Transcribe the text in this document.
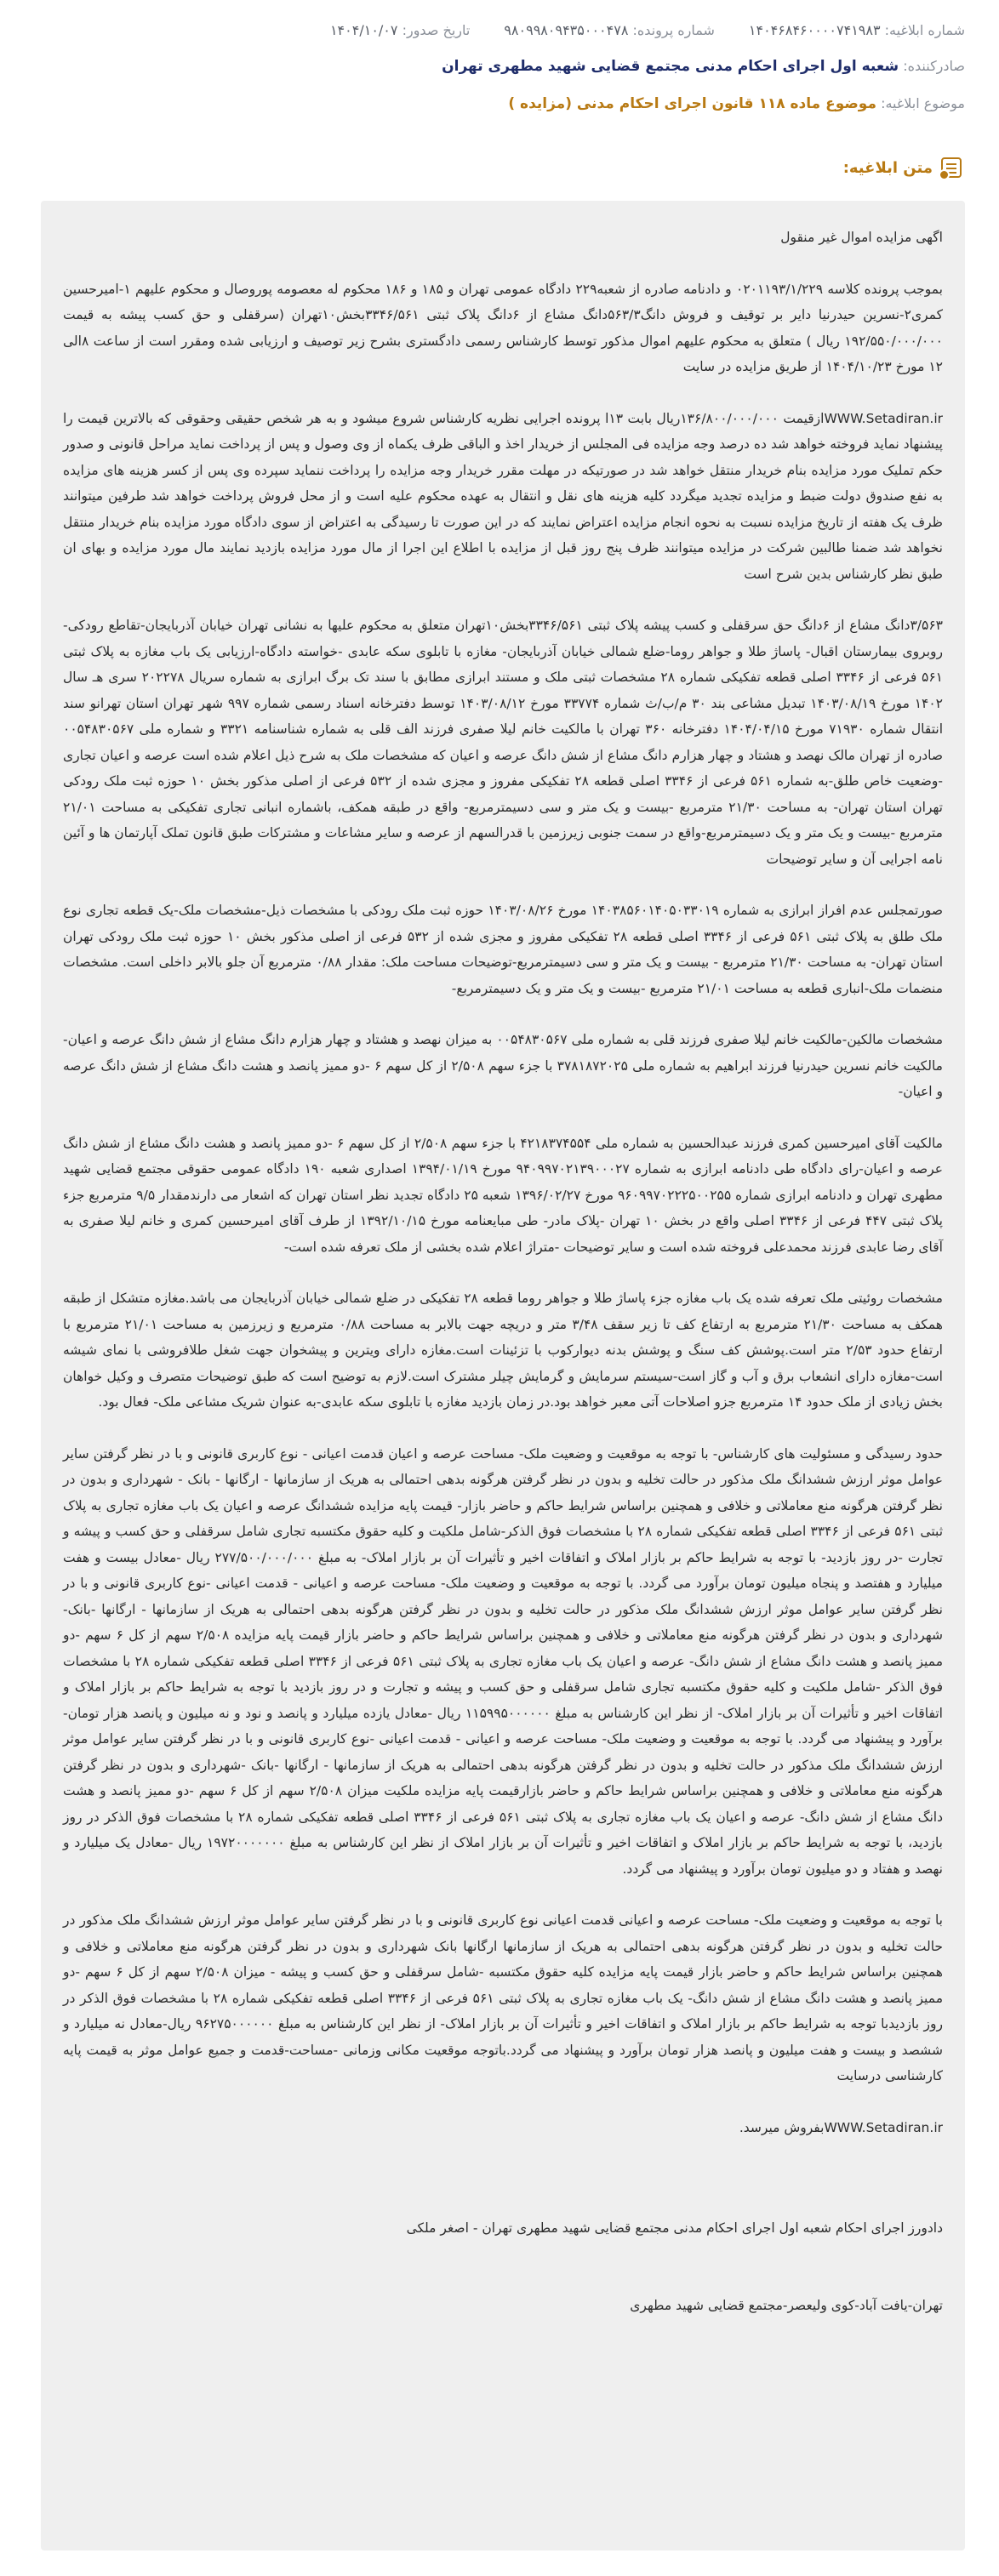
شماره ابلاغیه: ۱۴۰۴۶۸۴۶۰۰۰۰۷۴۱۹۸۳
شماره پرونده: ۹۸۰۹۹۸۰۹۴۳۵۰۰۰۴۷۸
تاریخ صدور: ۱۴۰۴/۱۰/۰۷
صادرکننده: شعبه اول اجرای احکام مدنی مجتمع قضایی شهید مطهری تهران
موضوع ابلاغیه: موضوع ماده ۱۱۸ قانون اجرای احکام مدنی (مزایده )
متن ابلاغیه:

اگهی مزایده اموال غیر منقول

بموجب پرونده کلاسه ۰۲۰۱۱۹۳/۱/۲۲۹ و دادنامه صادره از شعبه۲۲۹ دادگاه عمومی تهران و ۱۸۵ و ۱۸۶ محکوم له معصومه پوروصال و محکوم علیهم ۱-امیرحسین کمری۲-نسرین حیدرنیا دایر بر توقیف و فروش دانگ۵۶۳/۳دانگ مشاع از ۶دانگ پلاک ثبتی ۳۳۴۶/۵۶۱بخش۱۰تهران (سرقفلی و حق کسب پیشه به قیمت ۱۹۲/۵۵۰/۰۰۰/۰۰۰ ریال ) متعلق به محکوم علیهم اموال مذکور توسط کارشناس رسمی دادگستری بشرح زیر توصیف و ارزیابی شده ومقرر است از ساعت ۸الی ۱۲ مورخ ۱۴۰۴/۱۰/۲۳ از طریق مزایده در سایت

WWW.Setadiran.irازقیمت ۱۳۶/۸۰۰/۰۰۰/۰۰۰ریال بابت ۱۳ا پرونده اجرایی نظریه کارشناس شروع میشود و به هر شخص حقیقی وحقوقی که بالاترین قیمت را پیشنهاد نماید فروخته خواهد شد ده درصد وجه مزایده فی المجلس از خریدار اخذ و الباقی ظرف یکماه از وی وصول و پس از پرداخت نماید مراحل قانونی و صدور حکم تملیک مورد مزایده بنام خریدار منتقل خواهد شد در صورتیکه در مهلت مقرر خریدار وجه مزایده را پرداخت ننماید سپرده وی پس از کسر هزینه های مزایده به نفع صندوق دولت ضبط و مزایده تجدید میگردد کلیه هزینه های نقل و انتقال به عهده محکوم علیه است و از محل فروش پرداخت خواهد شد طرفین میتوانند ظرف یک هفته از تاریخ مزایده نسبت به نحوه انجام مزایده اعتراض نمایند که در این صورت تا رسیدگی به اعتراض از سوی دادگاه مورد مزایده بنام خریدار منتقل نخواهد شد ضمنا طالبین شرکت در مزایده میتوانند ظرف پنج روز قبل از مزایده با اطلاع این اجرا از مال مورد مزایده بازدید نمایند مال مورد مزایده و بهای ان طبق نظر کارشناس بدین شرح است

۳/۵۶۳دانگ مشاع از ۶دانگ حق سرقفلی و کسب پیشه پلاک ثبتی ۳۳۴۶/۵۶۱بخش۱۰تهران متعلق به محکوم علیها به نشانی تهران خیابان آذربایجان-تقاطع رودکی- روبروی بیمارستان اقبال- پاساژ طلا و جواهر روما-ضلع شمالی خیابان آذربایجان- مغازه با تابلوی سکه عابدی -خواسته دادگاه-ارزیابی یک باب مغازه به پلاک ثبتی ۵۶۱ فرعی از ۳۳۴۶ اصلی قطعه تفکیکی شماره ۲۸ مشخصات ثبتی ملک و مستند ابرازی مطابق با سند تک برگ ابرازی به شماره سریال ۲۰۲۲۷۸ سری هـ سال ۱۴۰۲ مورخ ۱۴۰۳/۰۸/۱۹ تبدیل مشاعی بند ۳۰ م/ب/ث شماره ۳۳۷۷۴ مورخ ۱۴۰۳/۰۸/۱۲ توسط دفترخانه اسناد رسمی شماره ۹۹۷ شهر تهران استان تهرانو سند انتقال شماره ۷۱۹۳۰ مورخ ۱۴۰۴/۰۴/۱۵ دفترخانه ۳۶۰ تهران با مالکیت خانم لیلا صفری فرزند الف قلی به شماره شناسنامه ۳۳۲۱ و شماره ملی ۰۰۵۴۸۳۰۵۶۷ صادره از تهران مالک نهصد و هشتاد و چهار هزارم دانگ مشاع از شش دانگ عرصه و اعیان که مشخصات ملک به شرح ذیل اعلام شده است عرصه و اعیان تجاری -وضعیت خاص طلق-به شماره ۵۶۱ فرعی از ۳۳۴۶ اصلی قطعه ۲۸ تفکیکی مفروز و مجزی شده از ۵۳۲ فرعی از اصلی مذکور بخش ۱۰ حوزه ثبت ملک رودکی تهران استان تهران- به مساحت ۲۱/۳۰ مترمربع -بیست و یک متر و سی دسیمترمربع- واقع در طبقه همکف، باشماره انبانی تجاری تفکیکی به مساحت ۲۱/۰۱ مترمربع -بیست و یک متر و یک دسیمترمربع-واقع در سمت جنوبی زیرزمین با قدرالسهم از عرصه و سایر مشاعات و مشترکات طبق قانون تملک آپارتمان ها و آئین نامه اجرایی آن و سایر توضیحات

صورتمجلس عدم افراز ابرازی به شماره ۱۴۰۳۸۵۶۰۱۴۰۵۰۳۳۰۱۹ مورخ ۱۴۰۳/۰۸/۲۶ حوزه ثبت ملک رودکی با مشخصات ذیل-مشخصات ملک-یک قطعه تجاری نوع ملک طلق به پلاک ثبتی ۵۶۱ فرعی از ۳۳۴۶ اصلی قطعه ۲۸ تفکیکی مفروز و مجزی شده از ۵۳۲ فرعی از اصلی مذکور بخش ۱۰ حوزه ثبت ملک رودکی تهران استان تهران- به مساحت ۲۱/۳۰ مترمربع - بیست و یک متر و سی دسیمترمربع-توضیحات مساحت ملک: مقدار ۰/۸۸ مترمربع آن جلو بالابر داخلی است. مشخصات منضمات ملک-انباری قطعه به مساحت ۲۱/۰۱ مترمربع -بیست و یک متر و یک دسیمترمربع-

مشخصات مالکین-مالکیت خانم لیلا صفری فرزند قلی به شماره ملی ۰۰۵۴۸۳۰۵۶۷ به میزان نهصد و هشتاد و چهار هزارم دانگ مشاع از شش دانگ عرصه و اعیان-مالکیت خانم نسرین حیدرنیا فرزند ابراهیم به شماره ملی ۳۷۸۱۸۷۲۰۲۵ با جزء سهم ۲/۵۰۸ از کل سهم ۶ -دو ممیز پانصد و هشت دانگ مشاع از شش دانگ عرصه و اعیان-

مالکیت آقای امیرحسین کمری فرزند عبدالحسین به شماره ملی ۴۲۱۸۳۷۴۵۵۴ با جزء سهم ۲/۵۰۸ از کل سهم ۶ -دو ممیز پانصد و هشت دانگ مشاع از شش دانگ عرصه و اعیان-رای دادگاه طی دادنامه ابرازی به شماره ۹۴۰۹۹۷۰۲۱۳۹۰۰۰۲۷ مورخ ۱۳۹۴/۰۱/۱۹ اصداری شعبه ۱۹۰ دادگاه عمومی حقوقی مجتمع قضایی شهید مطهری تهران و دادنامه ابرازی شماره ۹۶۰۹۹۷۰۲۲۲۵۰۰۲۵۵ مورخ ۱۳۹۶/۰۲/۲۷ شعبه ۲۵ دادگاه تجدید نظر استان تهران که اشعار می دارندمقدار ۹/۵ مترمربع جزء پلاک ثبتی ۴۴۷ فرعی از ۳۳۴۶ اصلی واقع در بخش ۱۰ تهران -پلاک مادر- طی مبایعنامه مورخ ۱۳۹۲/۱۰/۱۵ از طرف آقای امیرحسین کمری و خانم لیلا صفری به آقای رضا عابدی فرزند محمدعلی فروخته شده است و سایر توضیحات -متراژ اعلام شده بخشی از ملک تعرفه شده است-

مشخصات روئیتی ملک تعرفه شده یک باب مغازه جزء پاساژ طلا و جواهر روما قطعه ۲۸ تفکیکی در ضلع شمالی خیابان آذربایجان می باشد.مغازه متشکل از طبقه همکف به مساحت ۲۱/۳۰ مترمربع به ارتفاع کف تا زیر سقف ۳/۴۸ متر و دریچه جهت بالابر به مساحت ۰/۸۸ مترمربع و زیرزمین به مساحت ۲۱/۰۱ مترمربع با ارتفاع حدود ۲/۵۳ متر است.پوشش کف سنگ و پوشش بدنه دیوارکوب با تزئینات است.مغازه دارای ویترین و پیشخوان جهت شغل طلافروشی با نمای شیشه است-مغازه دارای انشعاب برق و آب و گاز است-سیستم سرمایش و گرمایش چیلر مشترک است.لازم به توضیح است که طبق توضیحات متصرف و وکیل خواهان بخش زیادی از ملک حدود ۱۴ مترمربع جزو اصلاحات آتی معبر خواهد بود.در زمان بازدید مغازه با تابلوی سکه عابدی-به عنوان شریک مشاعی ملک- فعال بود.

حدود رسیدگی و مسئولیت های کارشناس- با توجه به موقعیت و وضعیت ملک- مساحت عرصه و اعیان قدمت اعیانی - نوع کاربری قانونی و با در نظر گرفتن سایر عوامل موثر ارزش ششدانگ ملک مذکور در حالت تخلیه و بدون در نظر گرفتن هرگونه بدهی احتمالی به هریک از سازمانها - ارگانها - بانک - شهرداری و بدون در نظر گرفتن هرگونه منع معاملاتی و خلافی و همچنین براساس شرایط حاکم و حاضر بازار- قیمت پایه مزایده ششدانگ عرصه و اعیان یک باب مغازه تجاری به پلاک ثبتی ۵۶۱ فرعی از ۳۳۴۶ اصلی قطعه تفکیکی شماره ۲۸ با مشخصات فوق الذکر-شامل ملکیت و کلیه حقوق مکتسبه تجاری شامل سرقفلی و حق کسب و پیشه و تجارت -در روز بازدید- با توجه به شرایط حاکم بر بازار املاک و اتفاقات اخیر و تأثیرات آن بر بازار املاک- به مبلغ ۲۷۷/۵۰۰/۰۰۰/۰۰۰ ریال -معادل بیست و هفت میلیارد و هفتصد و پنجاه میلیون تومان برآورد می گردد. با توجه به موقعیت و وضعیت ملک- مساحت عرصه و اعیانی - قدمت اعیانی -نوع کاربری قانونی و با در نظر گرفتن سایر عوامل موثر ارزش ششدانگ ملک مذکور در حالت تخلیه و بدون در نظر گرفتن هرگونه بدهی احتمالی به هریک از سازمانها - ارگانها -بانک- شهرداری و بدون در نظر گرفتن هرگونه منع معاملاتی و خلافی و همچنین براساس شرایط حاکم و حاضر بازار قیمت پایه مزایده ۲/۵۰۸ سهم از کل ۶ سهم -دو ممیز پانصد و هشت دانگ مشاع از شش دانگ- عرصه و اعیان یک باب مغازه تجاری به پلاک ثبتی ۵۶۱ فرعی از ۳۳۴۶ اصلی قطعه تفکیکی شماره ۲۸ با مشخصات فوق الذکر -شامل ملکیت و کلیه حقوق مکتسبه تجاری شامل سرقفلی و حق کسب و پیشه و تجارت و در روز بازدید با توجه به شرایط حاکم بر بازار املاک و اتفاقات اخیر و تأثیرات آن بر بازار املاک- از نظر این کارشناس به مبلغ ۱۱۵۹۹۵۰۰۰۰۰۰ ریال -معادل یازده میلیارد و پانصد و نود و نه میلیون و پانصد هزار تومان- برآورد و پیشنهاد می گردد. با توجه به موقعیت و وضعیت ملک- مساحت عرصه و اعیانی - قدمت اعیانی -نوع کاربری قانونی و با در نظر گرفتن سایر عوامل موثر ارزش ششدانگ ملک مذکور در حالت تخلیه و بدون در نظر گرفتن هرگونه بدهی احتمالی به هریک از سازمانها - ارگانها -بانک -شهرداری و بدون در نظر گرفتن هرگونه منع معاملاتی و خلافی و همچنین براساس شرایط حاکم و حاضر بازارقیمت پایه مزایده ملکیت میزان ۲/۵۰۸ سهم از کل ۶ سهم -دو ممیز پانصد و هشت دانگ مشاع از شش دانگ- عرصه و اعیان یک باب مغازه تجاری به پلاک ثبتی ۵۶۱ فرعی از ۳۳۴۶ اصلی قطعه تفکیکی شماره ۲۸ با مشخصات فوق الذکر در روز بازدید، با توجه به شرایط حاکم بر بازار املاک و اتفاقات اخیر و تأثیرات آن بر بازار املاک از نظر این کارشناس به مبلغ ۱۹۷۲۰۰۰۰۰۰۰ ریال -معادل یک میلیارد و نهصد و هفتاد و دو میلیون تومان برآورد و پیشنهاد می گردد.

با توجه به موقعیت و وضعیت ملک- مساحت عرصه و اعیانی قدمت اعیانی نوع کاربری قانونی و با در نظر گرفتن سایر عوامل موثر ارزش ششدانگ ملک مذکور در حالت تخلیه و بدون در نظر گرفتن هرگونه بدهی احتمالی به هریک از سازمانها ارگانها بانک شهرداری و بدون در نظر گرفتن هرگونه منع معاملاتی و خلافی و همچنین براساس شرایط حاکم و حاضر بازار قیمت پایه مزایده کلیه حقوق مکتسبه -شامل سرقفلی و حق کسب و پیشه - میزان ۲/۵۰۸ سهم از کل ۶ سهم -دو ممیز پانصد و هشت دانگ مشاع از شش دانگ- یک باب مغازه تجاری به پلاک ثبتی ۵۶۱ فرعی از ۳۳۴۶ اصلی قطعه تفکیکی شماره ۲۸ با مشخصات فوق الذکر در روز بازدیدبا توجه به شرایط حاکم بر بازار املاک و اتفاقات اخیر و تأثیرات آن بر بازار املاک- از نظر این کارشناس به مبلغ ۹۶۲۷۵۰۰۰۰۰۰ ریال-معادل نه میلیارد و ششصد و بیست و هفت میلیون و پانصد هزار تومان برآورد و پیشنهاد می گردد.باتوجه موقعیت مکانی وزمانی -مساحت-قدمت و جمیع عوامل موثر به قیمت پایه کارشناسی درسایت

WWW.Setadiran.irبفروش میرسد.

دادورز اجرای احکام شعبه اول اجرای احکام مدنی مجتمع قضایی شهید مطهری تهران - اصغر ملکی

تهران-یافت آباد-کوی ولیعصر-مجتمع قضایی شهید مطهری
